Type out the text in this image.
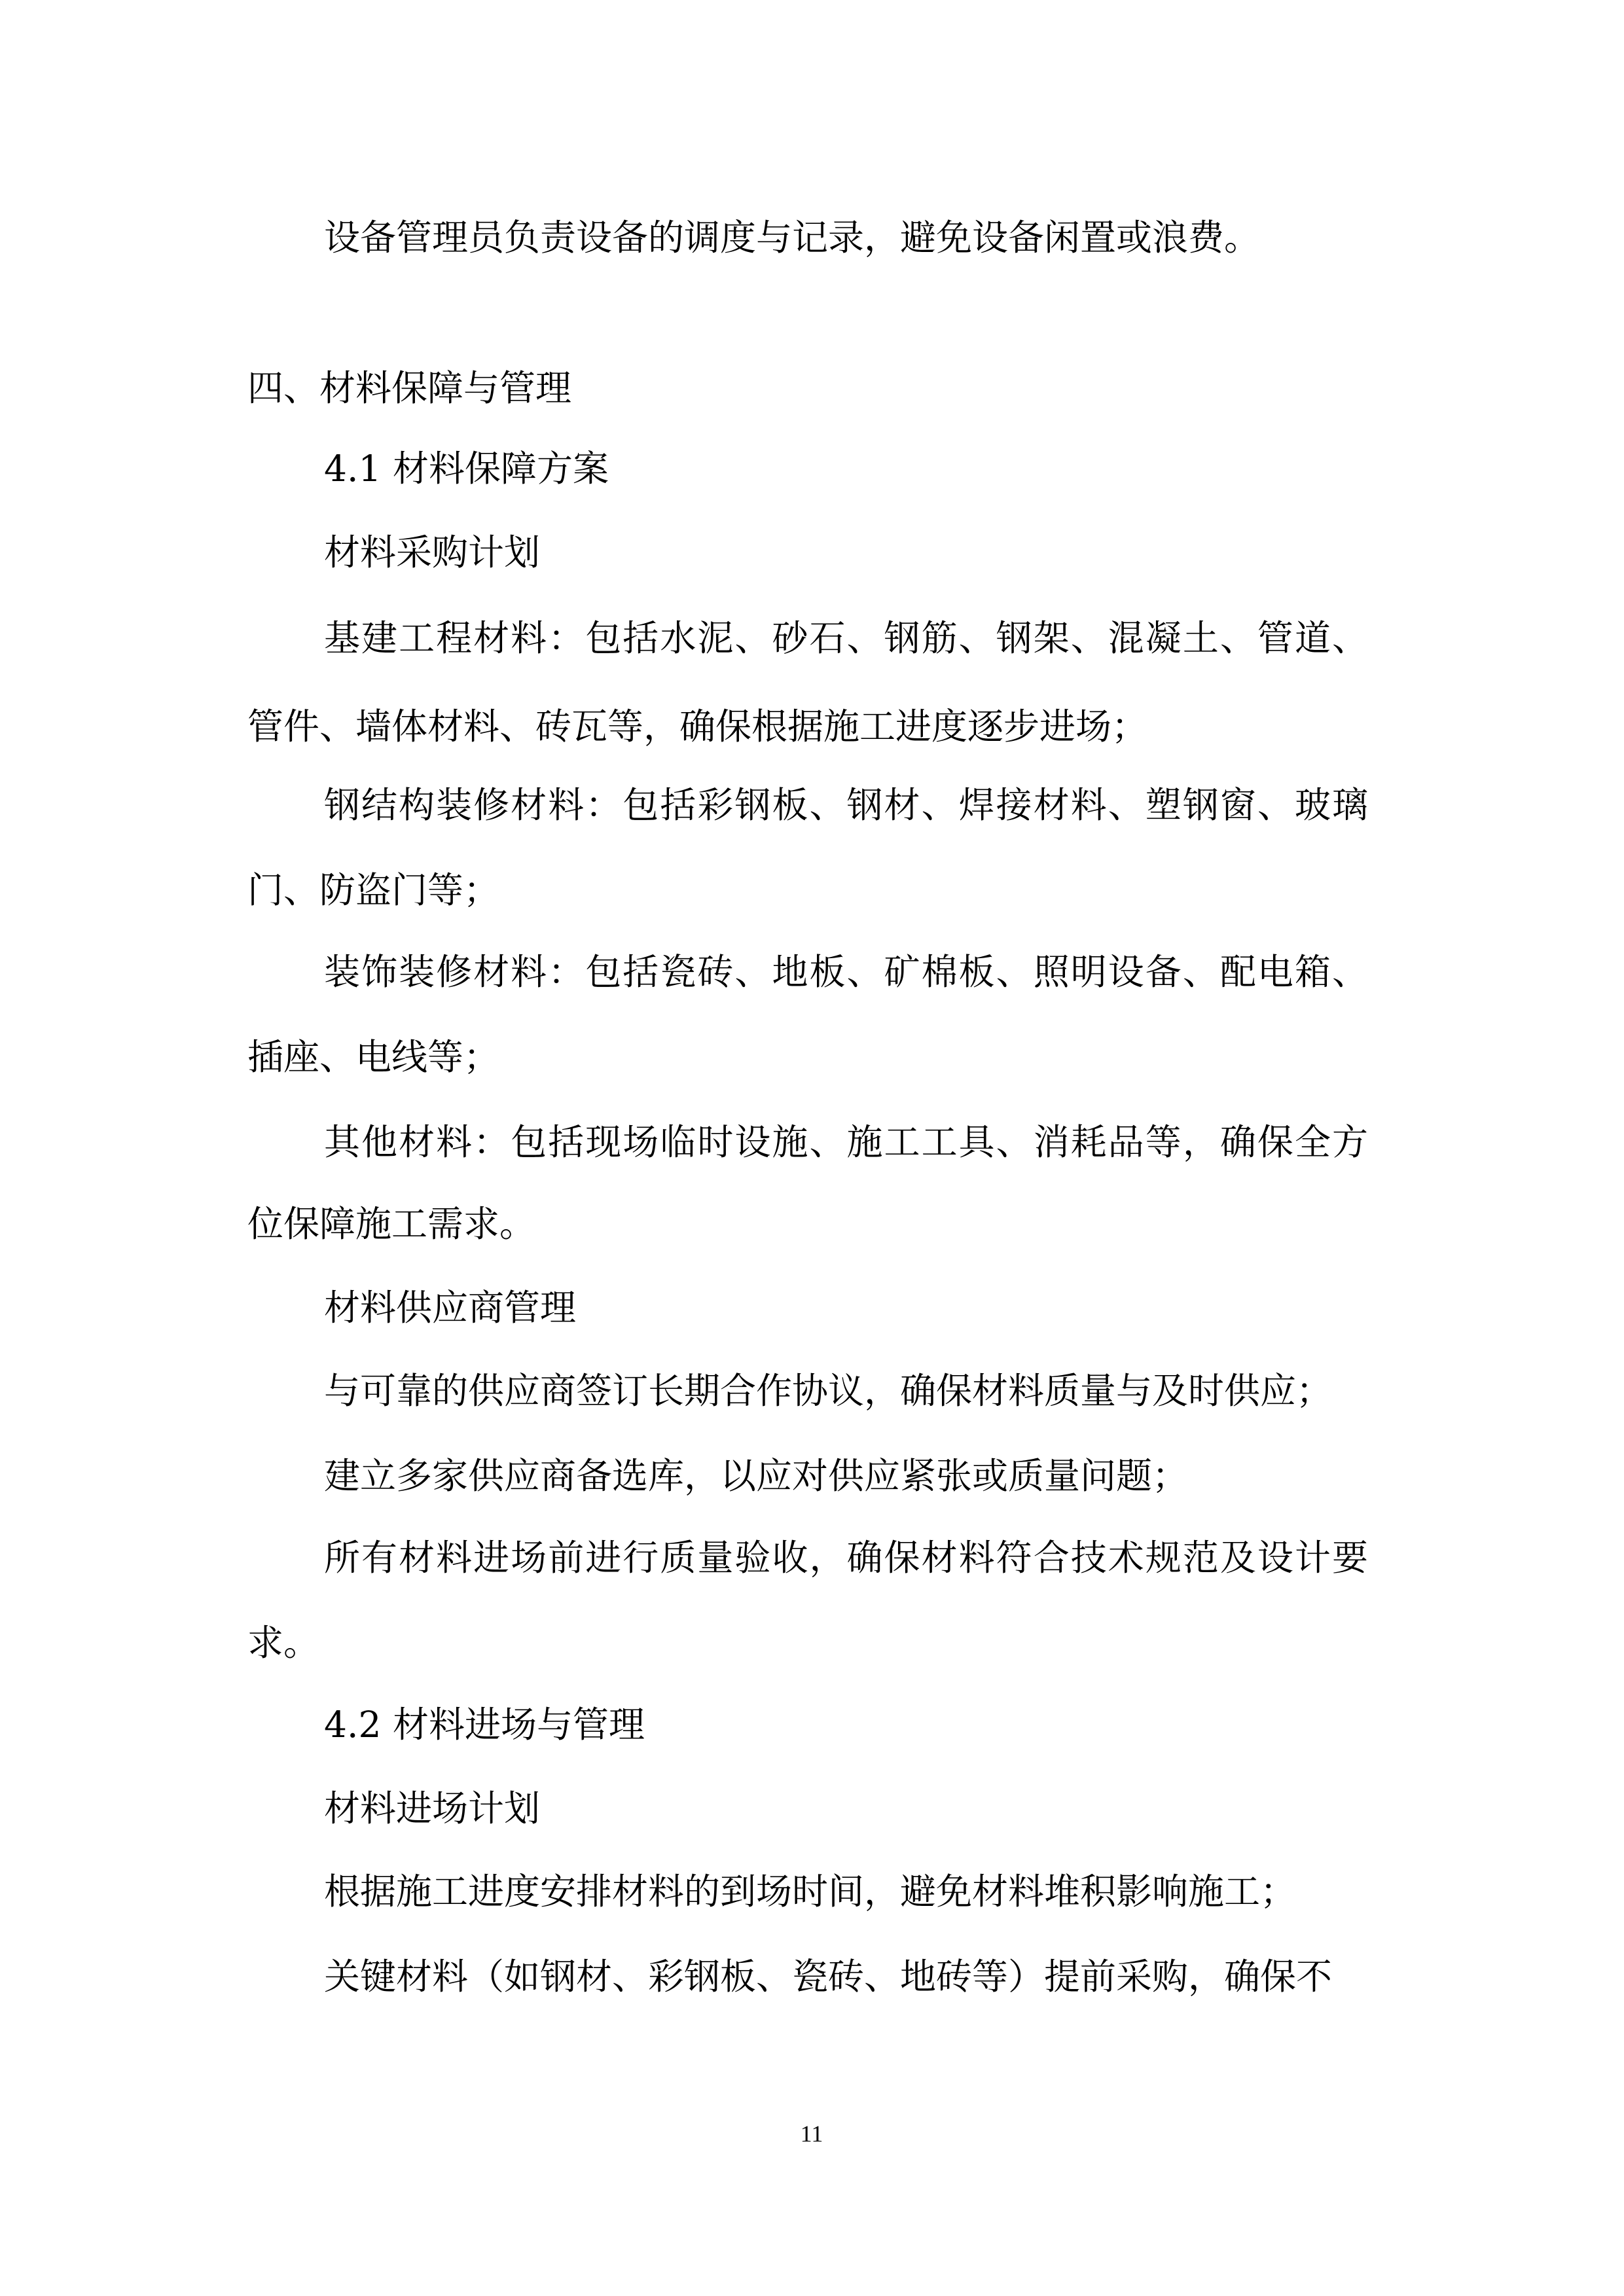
设备管理员负责设备的调度与记录，避免设备闲置或浪费。

四、材料保障与管理

4.1 材料保障方案

材料采购计划

基建工程材料：包括水泥、砂石、钢筋、钢架、混凝土、管道、

管件、墙体材料、砖瓦等，确保根据施工进度逐步进场；

钢结构装修材料：包括彩钢板、钢材、焊接材料、塑钢窗、玻璃

门、防盗门等；

装饰装修材料：包括瓷砖、地板、矿棉板、照明设备、配电箱、

插座、电线等；

其他材料：包括现场临时设施、施工工具、消耗品等，确保全方

位保障施工需求。

材料供应商管理

与可靠的供应商签订长期合作协议，确保材料质量与及时供应；

建立多家供应商备选库，以应对供应紧张或质量问题；

所有材料进场前进行质量验收，确保材料符合技术规范及设计要

求。

4.2 材料进场与管理

材料进场计划

根据施工进度安排材料的到场时间，避免材料堆积影响施工；

关键材料（如钢材、彩钢板、瓷砖、地砖等）提前采购，确保不

11
